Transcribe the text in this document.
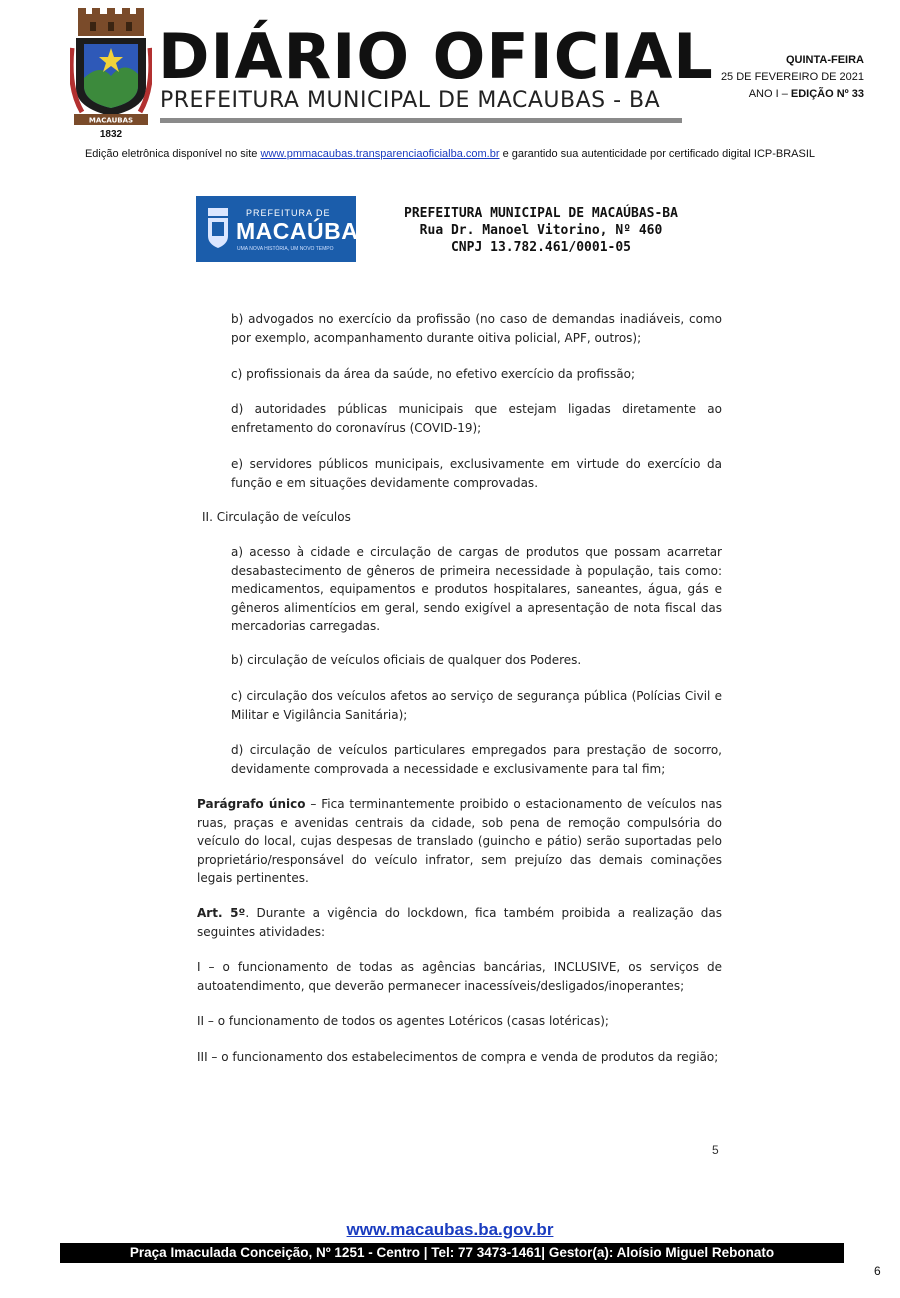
MACAUBAS
1832
DIÁRIO OFICIAL
PREFEITURA MUNICIPAL DE MACAUBAS - BA
QUINTA-FEIRA
25 DE FEVEREIRO DE 2021
ANO I – EDIÇÃO Nº 33
Edição eletrônica disponível no site www.pmmacaubas.transparenciaoficialba.com.br e garantido sua autenticidade por certificado digital ICP-BRASIL
PREFEITURA DE
MACAÚBAS
UMA NOVA HISTÓRIA, UM NOVO TEMPO
PREFEITURA MUNICIPAL DE MACAÚBAS-BA
Rua Dr. Manoel Vitorino, Nº 460
CNPJ 13.782.461/0001-05
b) advogados no exercício da profissão (no caso de demandas inadiáveis, como por exemplo, acompanhamento durante oitiva policial, APF, outros);
c) profissionais da área da saúde, no efetivo exercício da profissão;
d) autoridades públicas municipais que estejam ligadas diretamente ao enfretamento do coronavírus (COVID-19);
e) servidores públicos municipais, exclusivamente em virtude do exercício da função e em situações devidamente comprovadas.
II. Circulação de veículos
a) acesso à cidade e circulação de cargas de produtos que possam acarretar desabastecimento de gêneros de primeira necessidade à população, tais como: medicamentos, equipamentos e produtos hospitalares, saneantes, água, gás e gêneros alimentícios em geral, sendo exigível a apresentação de nota fiscal das mercadorias carregadas.
b) circulação de veículos oficiais de qualquer dos Poderes.
c) circulação dos veículos afetos ao serviço de segurança pública (Polícias Civil e Militar e Vigilância Sanitária);
d) circulação de veículos particulares empregados para prestação de socorro, devidamente comprovada a necessidade e exclusivamente para tal fim;
Parágrafo único – Fica terminantemente proibido o estacionamento de veículos nas ruas, praças e avenidas centrais da cidade, sob pena de remoção compulsória do veículo do local, cujas despesas de translado (guincho e pátio) serão suportadas pelo proprietário/responsável do veículo infrator, sem prejuízo das demais cominações legais pertinentes.
Art. 5º. Durante a vigência do lockdown, fica também proibida a realização das seguintes atividades:
I – o funcionamento de todas as agências bancárias, INCLUSIVE, os serviços de autoatendimento, que deverão permanecer inacessíveis/desligados/inoperantes;
II – o funcionamento de todos os agentes Lotéricos (casas lotéricas);
III – o funcionamento dos estabelecimentos de compra e venda de produtos da região;
5
www.macaubas.ba.gov.br
Praça Imaculada Conceição, Nº 1251 - Centro | Tel: 77 3473-1461| Gestor(a): Aloísio Miguel Rebonato
6
